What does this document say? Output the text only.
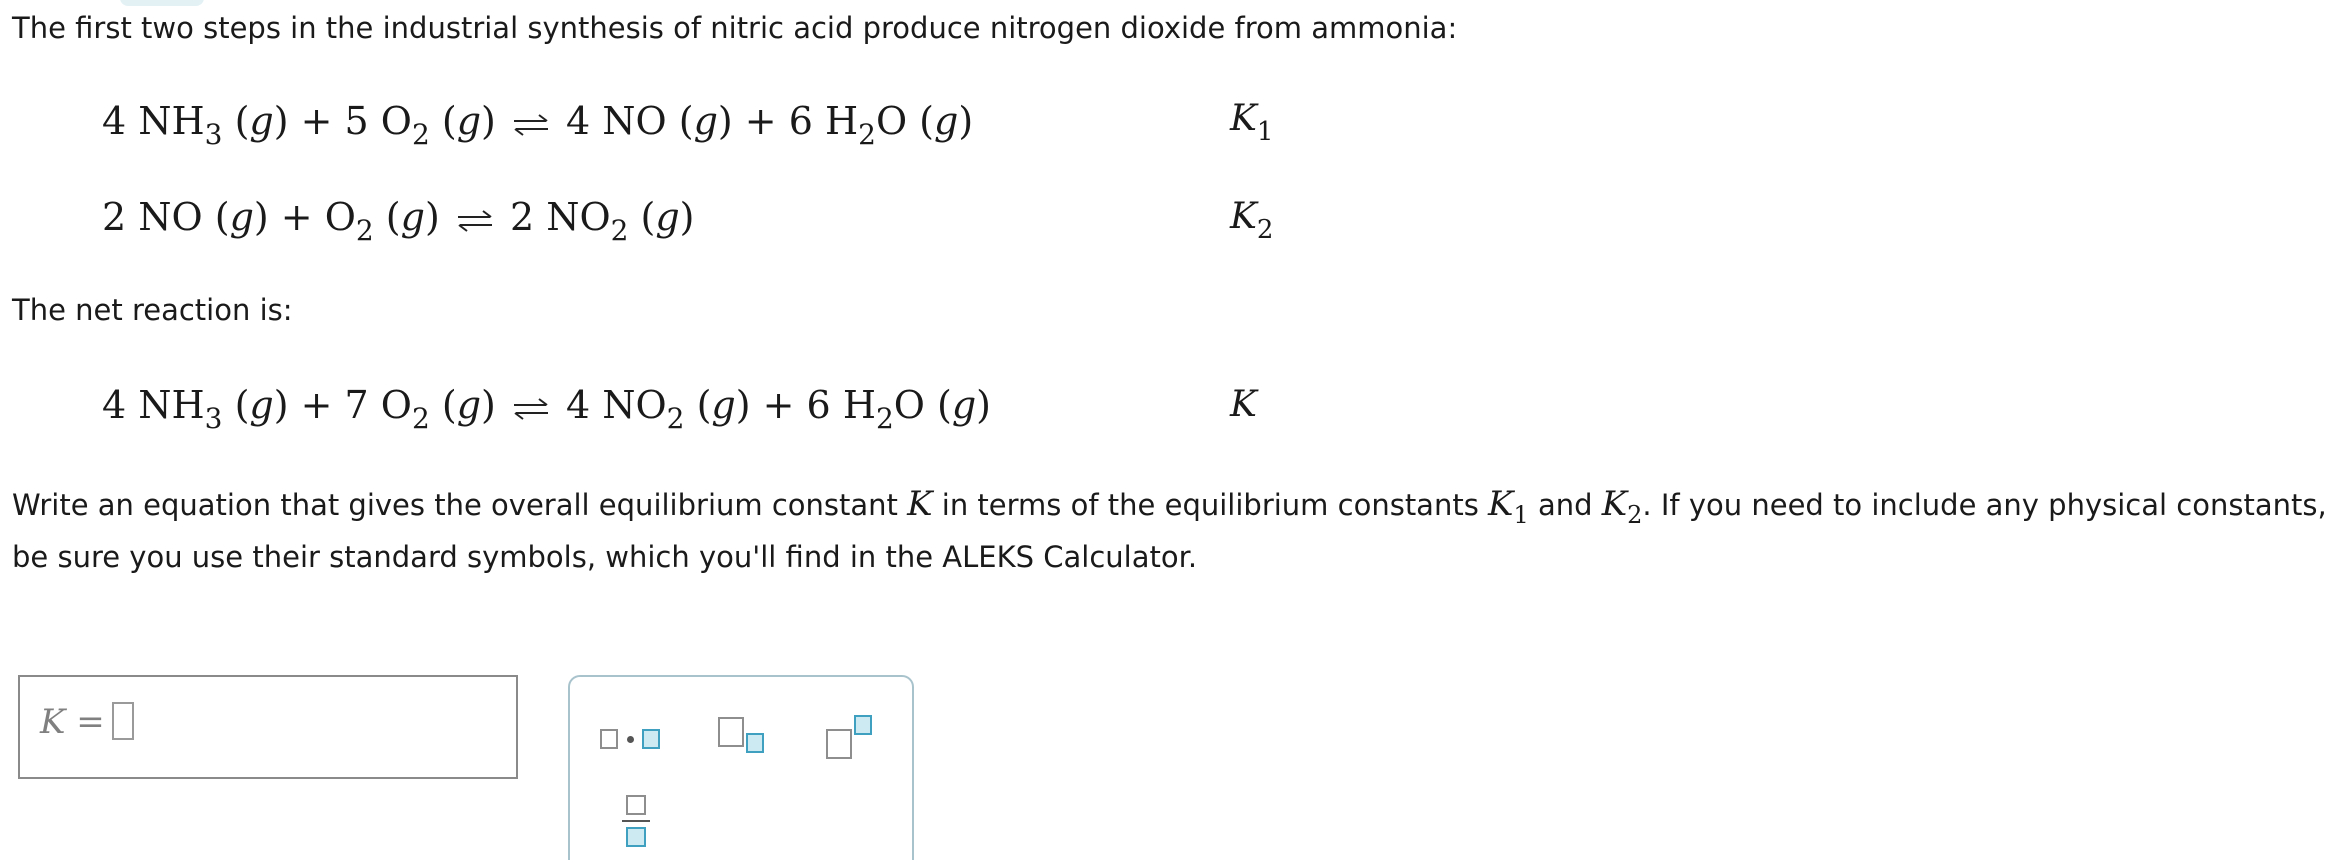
The first two steps in the industrial synthesis of nitric acid produce nitrogen dioxide from ammonia:
4 $NH_3$ (g) + 5 $O_2$ (g) ⇌ 4 NO (g) + 6 $H_2O$ (g)	$K_1$
2 NO $(g) + O_2$ (g) ⇌ 2 $NO_2$ (g)	$K_2$
The net reaction is:
4 $NH_3$ (g) + 7 $O_2$ (g) ⇌ 4 $NO_2$ (g) + 6 $H_2O$ (g)	K
Write an equation that gives the overall equilibrium constant K in terms of the equilibrium constants $K_1$ and $K_2$. If you need to include any physical constants,
be sure you use their standard symbols, which you'll find in the ALEKS Calculator.
K =
